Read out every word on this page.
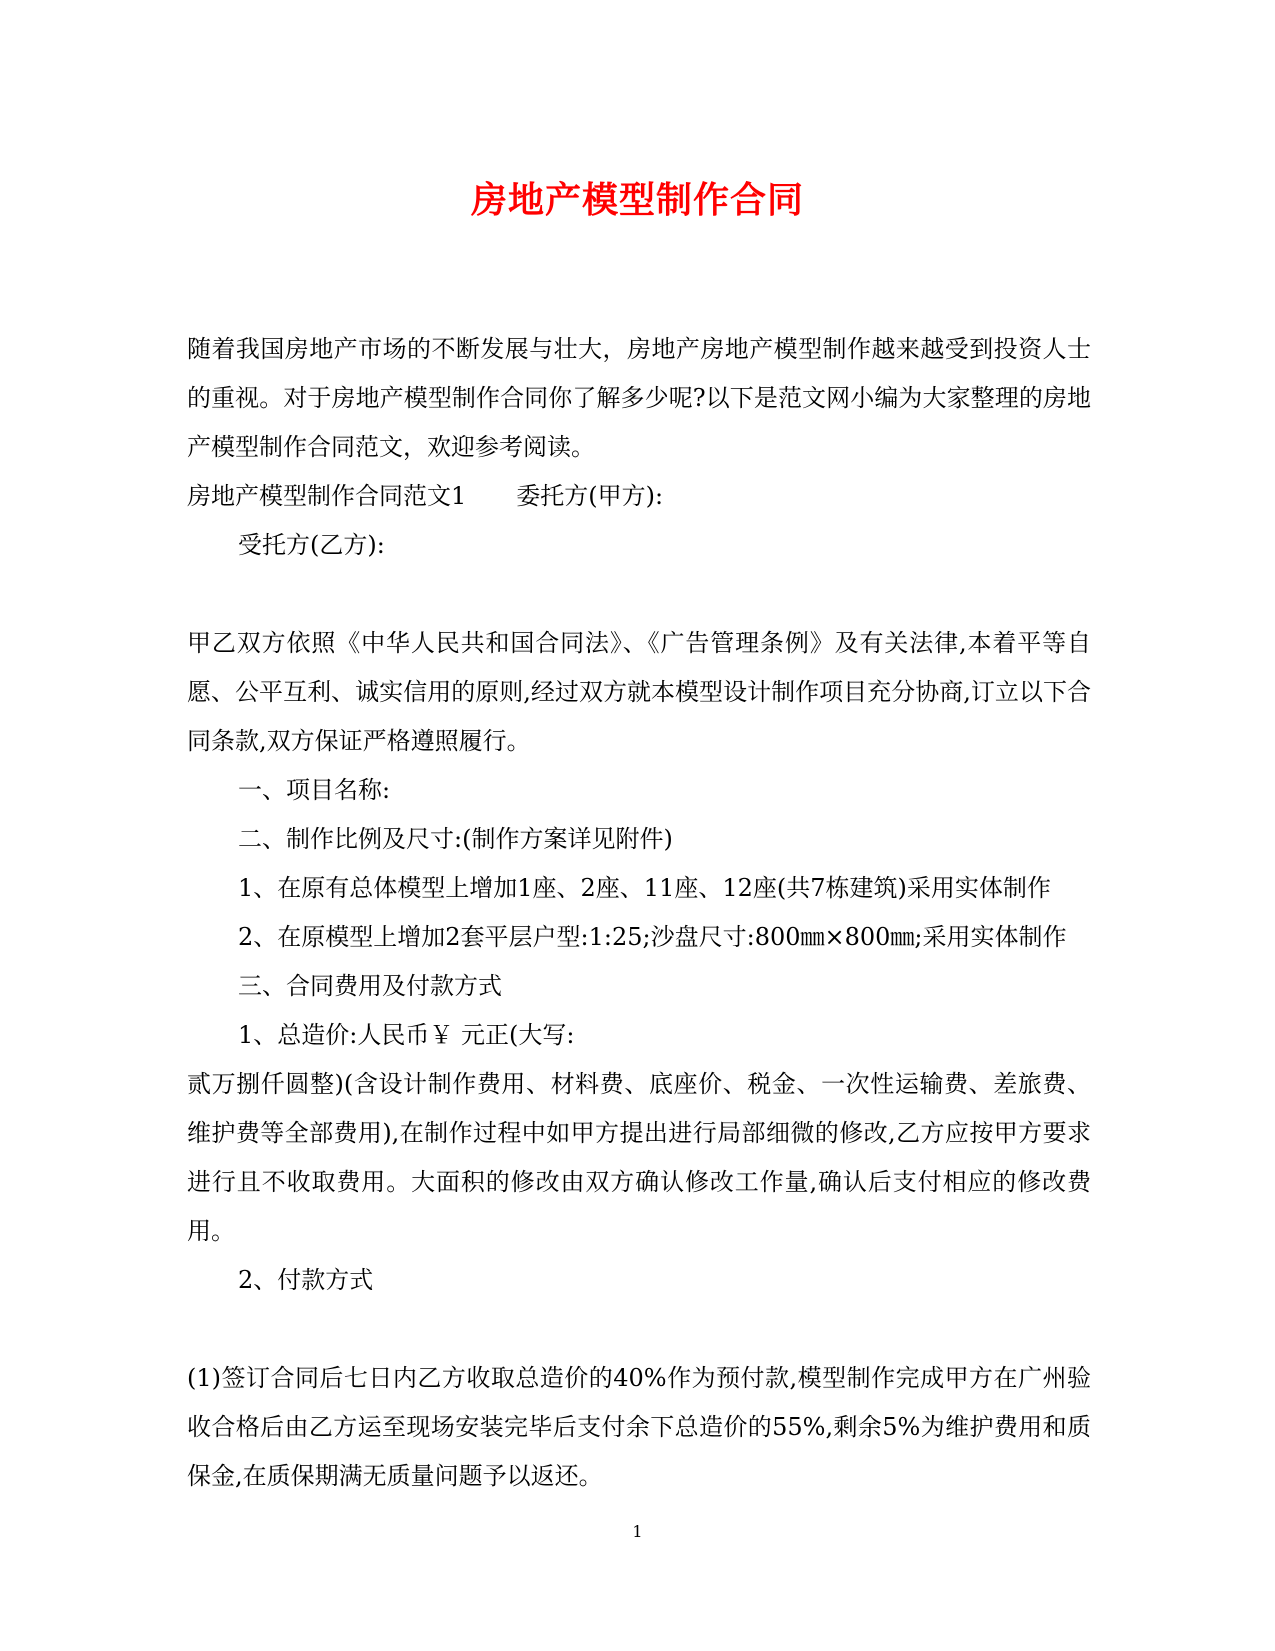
房地产模型制作合同

随着我国房地产市场的不断发展与壮大，房地产房地产模型制作越来越受到投资人士的重视。对于房地产模型制作合同你了解多少呢?以下是范文网小编为大家整理的房地产模型制作合同范文，欢迎参考阅读。

房地产模型制作合同范文1 委托方(甲方):

受托方(乙方):

甲乙双方依照《中华人民共和国合同法》、《广告管理条例》及有关法律,本着平等自愿、公平互利、诚实信用的原则,经过双方就本模型设计制作项目充分协商,订立以下合同条款,双方保证严格遵照履行。

一、项目名称:

二、制作比例及尺寸:(制作方案详见附件)

1、在原有总体模型上增加1座、2座、11座、12座(共7栋建筑)采用实体制作

2、在原模型上增加2套平层户型:1:25;沙盘尺寸:800㎜×800㎜;采用实体制作

三、合同费用及付款方式

1、总造价:人民币￥ 元正(大写:

贰万捌仟圆整)(含设计制作费用、材料费、底座价、税金、一次性运输费、差旅费、维护费等全部费用),在制作过程中如甲方提出进行局部细微的修改,乙方应按甲方要求进行且不收取费用。大面积的修改由双方确认修改工作量,确认后支付相应的修改费用。

2、付款方式

(1)签订合同后七日内乙方收取总造价的40%作为预付款,模型制作完成甲方在广州验收合格后由乙方运至现场安装完毕后支付余下总造价的55%,剩余5%为维护费用和质保金,在质保期满无质量问题予以返还。

1
